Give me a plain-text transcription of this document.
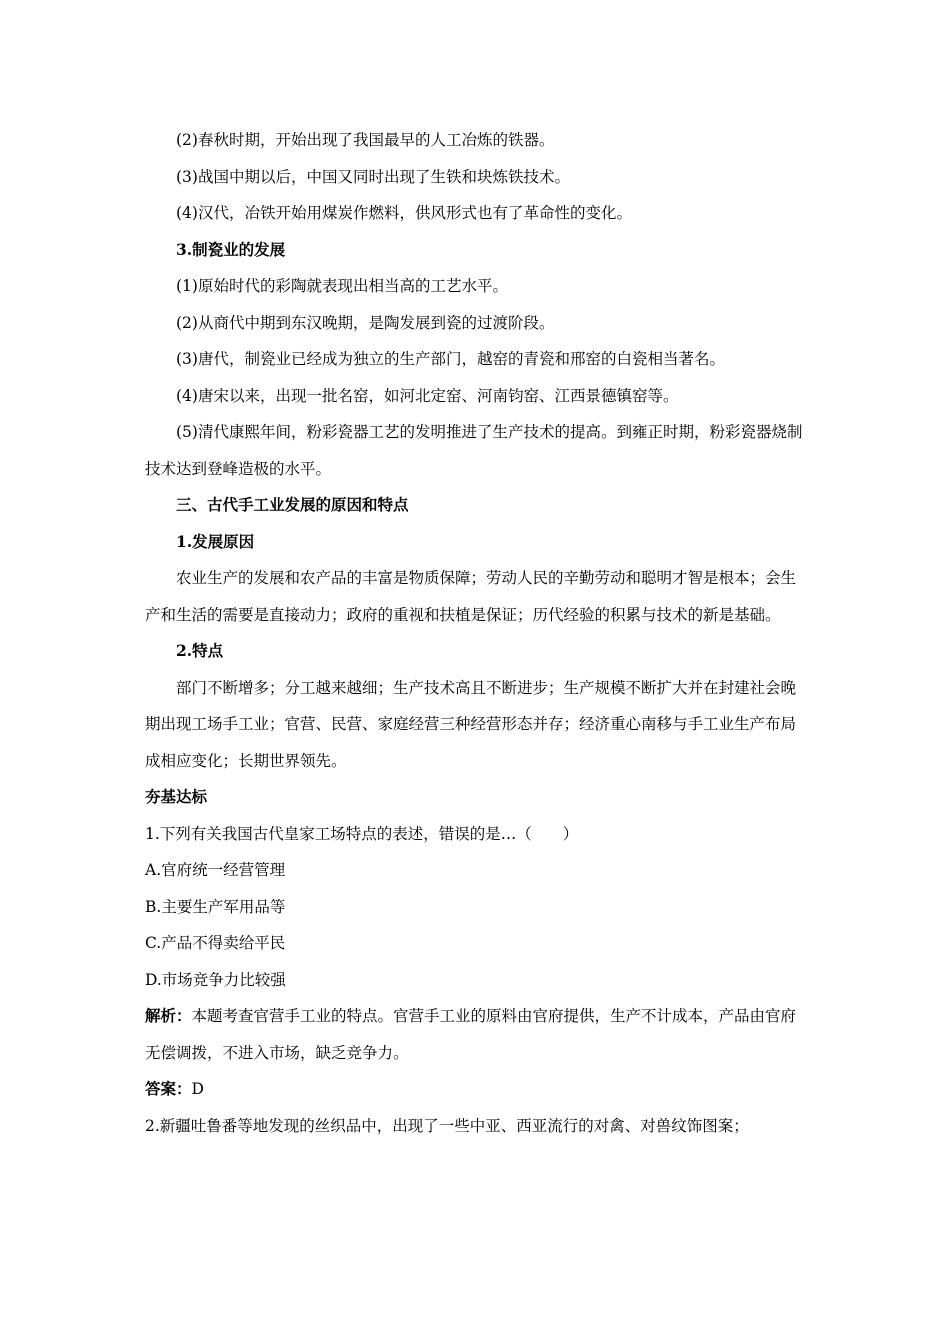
(2)春秋时期，开始出现了我国最早的人工冶炼的铁器。

(3)战国中期以后，中国又同时出现了生铁和块炼铁技术。

(4)汉代，冶铁开始用煤炭作燃料，供风形式也有了革命性的变化。

3.制瓷业的发展

(1)原始时代的彩陶就表现出相当高的工艺水平。

(2)从商代中期到东汉晚期，是陶发展到瓷的过渡阶段。

(3)唐代，制瓷业已经成为独立的生产部门，越窑的青瓷和邢窑的白瓷相当著名。

(4)唐宋以来，出现一批名窑，如河北定窑、河南钧窑、江西景德镇窑等。

(5)清代康熙年间，粉彩瓷器工艺的发明推进了生产技术的提高。到雍正时期，粉彩瓷器烧制技术达到登峰造极的水平。

三、古代手工业发展的原因和特点

1.发展原因

农业生产的发展和农产品的丰富是物质保障；劳动人民的辛勤劳动和聪明才智是根本；会生产和生活的需要是直接动力；政府的重视和扶植是保证；历代经验的积累与技术的新是基础。

2.特点

部门不断增多；分工越来越细；生产技术高且不断进步；生产规模不断扩大并在封建社会晚期出现工场手工业；官营、民营、家庭经营三种经营形态并存；经济重心南移与手工业生产布局成相应变化；长期世界领先。

夯基达标

1.下列有关我国古代皇家工场特点的表述，错误的是…（　　）

A.官府统一经营管理

B.主要生产军用品等

C.产品不得卖给平民

D.市场竞争力比较强

解析：本题考查官营手工业的特点。官营手工业的原料由官府提供，生产不计成本，产品由官府无偿调拨，不进入市场，缺乏竞争力。

答案：D

2.新疆吐鲁番等地发现的丝织品中，出现了一些中亚、西亚流行的对禽、对兽纹饰图案；
